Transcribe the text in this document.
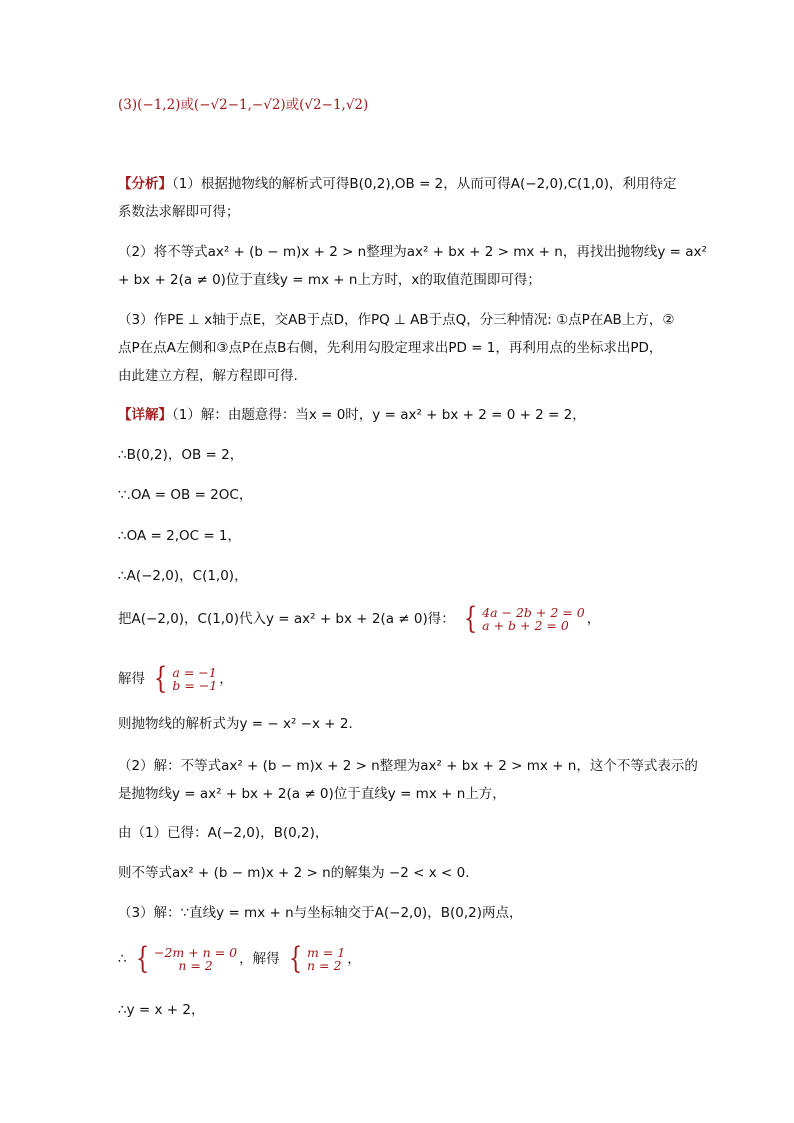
(3)(−1,2)或(−√2−1,−√2)或(√2−1,√2)
【分析】（1）根据抛物线的解析式可得B(0,2),OB = 2，从而可得A(−2,0),C(1,0)，利用待定
系数法求解即可得；
（2）将不等式ax² + (b − m)x + 2 > n整理为ax² + bx + 2 > mx + n，再找出抛物线y = ax²
+ bx + 2(a ≠ 0)位于直线y = mx + n上方时，x的取值范围即可得；
（3）作PE ⊥ x轴于点E，交AB于点D，作PQ ⊥ AB于点Q，分三种情况: ①点P在AB上方，②
点P在点A左侧和③点P在点B右侧，先利用勾股定理求出PD = 1，再利用点的坐标求出PD，
由此建立方程，解方程即可得.
【详解】（1）解：由题意得：当x = 0时，y = ax² + bx + 2 = 0 + 2 = 2，
∴B(0,2)，OB = 2，
∵.OA = OB = 2OC，
∴OA = 2,OC = 1，
∴A(−2,0)，C(1,0)，
把A(−2,0)，C(1,0)代入y = ax² + bx + 2(a ≠ 0)得： { 4a − 2b + 2 = 0
a + b + 2 = 0 ，
解得 { a = −1
b = −1 ，
则抛物线的解析式为y = − x² −x + 2.
（2）解：不等式ax² + (b − m)x + 2 > n整理为ax² + bx + 2 > mx + n，这个不等式表示的
是抛物线y = ax² + bx + 2(a ≠ 0)位于直线y = mx + n上方，
由（1）已得：A(−2,0)，B(0,2)，
则不等式ax² + (b − m)x + 2 > n的解集为 −2 < x < 0.
（3）解：∵直线y = mx + n与坐标轴交于A(−2,0)，B(0,2)两点，
∴ { −2m + n = 0
n = 2 ，解得 { m = 1
n = 2 ，
∴y = x + 2，
